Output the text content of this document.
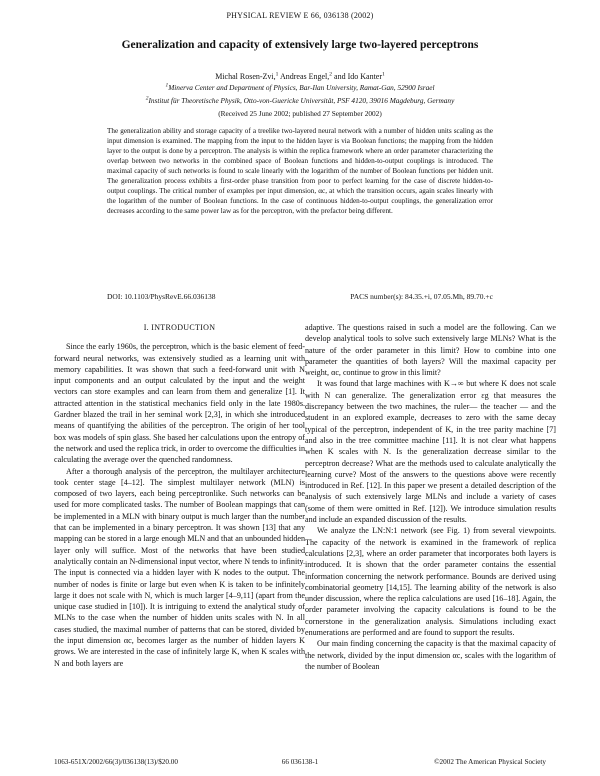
PHYSICAL REVIEW E 66, 036138 (2002)
Generalization and capacity of extensively large two-layered perceptrons
Michal Rosen-Zvi,$^1$ Andreas Engel,$^2$ and Ido Kanter$^1$
$^1$Minerva Center and Department of Physics, Bar-Ilan University, Ramat-Gan, 52900 Israel
$^2$Institut für Theoretische Physik, Otto-von-Guericke Universität, PSF 4120, 39016 Magdeburg, Germany
(Received 25 June 2002; published 27 September 2002)
The generalization ability and storage capacity of a treelike two-layered neural network with a number of hidden units scaling as the input dimension is examined. The mapping from the input to the hidden layer is via Boolean functions; the mapping from the hidden layer to the output is done by a perceptron. The analysis is within the replica framework where an order parameter characterizing the overlap between two networks in the combined space of Boolean functions and hidden-to-output couplings is introduced. The maximal capacity of such networks is found to scale linearly with the logarithm of the number of Boolean functions per hidden unit. The generalization process exhibits a first-order phase transition from poor to perfect learning for the case of discrete hidden-to-output couplings. The critical number of examples per input dimension, αc, at which the transition occurs, again scales linearly with the logarithm of the number of Boolean functions. In the case of continuous hidden-to-output couplings, the generalization error decreases according to the same power law as for the perceptron, with the prefactor being different.
DOI: 10.1103/PhysRevE.66.036138	PACS number(s): 84.35.+i, 07.05.Mh, 89.70.+c
I. INTRODUCTION

Since the early 1960s, the perceptron, which is the basic element of feed-forward neural networks, was extensively studied as a learning unit with memory capabilities. It was shown that such a feed-forward unit with N input components and an output calculated by the input and the weight vectors can store examples and can learn from them and generalize [1]. It attracted attention in the statistical mechanics field only in the late 1980s. Gardner blazed the trail in her seminal work [2,3], in which she introduced means of quantifying the abilities of the perceptron. The origin of her tool box was models of spin glass. She based her calculations upon the entropy of the network and used the replica trick, in order to overcome the difficulties in calculating the average over the quenched randomness.

After a thorough analysis of the perceptron, the multilayer architecture took center stage [4–12]. The simplest multilayer network (MLN) is composed of two layers, each being perceptronlike. Such networks can be used for more complicated tasks. The number of Boolean mappings that can be implemented in a MLN with binary output is much larger than the number that can be implemented in a binary perceptron. It was shown [13] that any mapping can be stored in a large enough MLN and that an unbounded hidden layer only will suffice. Most of the networks that have been studied analytically contain an N-dimensional input vector, where N tends to infinity. The input is connected via a hidden layer with K nodes to the output. The number of nodes is finite or large but even when K is taken to be infinitely large it does not scale with N, which is much larger [4–9,11] (apart from the unique case studied in [10]). It is intriguing to extend the analytical study of MLNs to the case when the number of hidden units scales with N. In all cases studied, the maximal number of patterns that can be stored, divided by the input dimension αc, becomes larger as the number of hidden layers K grows. We are interested in the case of infinitely large K, when K scales with N and both layers are

adaptive. The questions raised in such a model are the following. Can we develop analytical tools to solve such extensively large MLNs? What is the nature of the order parameter in this limit? How to combine into one parameter the quantities of both layers? Will the maximal capacity per weight, αc, continue to grow in this limit?

It was found that large machines with K→∞ but where K does not scale with N can generalize. The generalization error εg that measures the discrepancy between the two machines, the ruler— the teacher — and the student in an explored example, decreases to zero with the same decay typical of the perceptron, independent of K, in the tree parity machine [7] and also in the tree committee machine [11]. It is not clear what happens when K scales with N. Is the generalization decrease similar to the perceptron decrease? What are the methods used to calculate analytically the learning curve? Most of the answers to the questions above were recently introduced in Ref. [12]. In this paper we present a detailed description of the analysis of such extensively large MLNs and include a variety of cases (some of them were omitted in Ref. [12]). We introduce simulation results and include an expanded discussion of the results.

We analyze the LN:N:1 network (see Fig. 1) from several viewpoints. The capacity of the network is examined in the framework of replica calculations [2,3], where an order parameter that incorporates both layers is introduced. It is shown that the order parameter contains the essential information concerning the network performance. Bounds are derived using combinatorial geometry [14,15]. The learning ability of the network is also under discussion, where the replica calculations are used [16–18]. Again, the order parameter involving the capacity calculations is found to be the cornerstone in the generalization analysis. Simulations including exact enumerations are performed and are found to support the results.

Our main finding concerning the capacity is that the maximal capacity of the network, divided by the input dimension αc, scales with the logarithm of the number of Boolean

1063-651X/2002/66(3)/036138(13)/$20.00	66 036138-1	©2002 The American Physical Society
